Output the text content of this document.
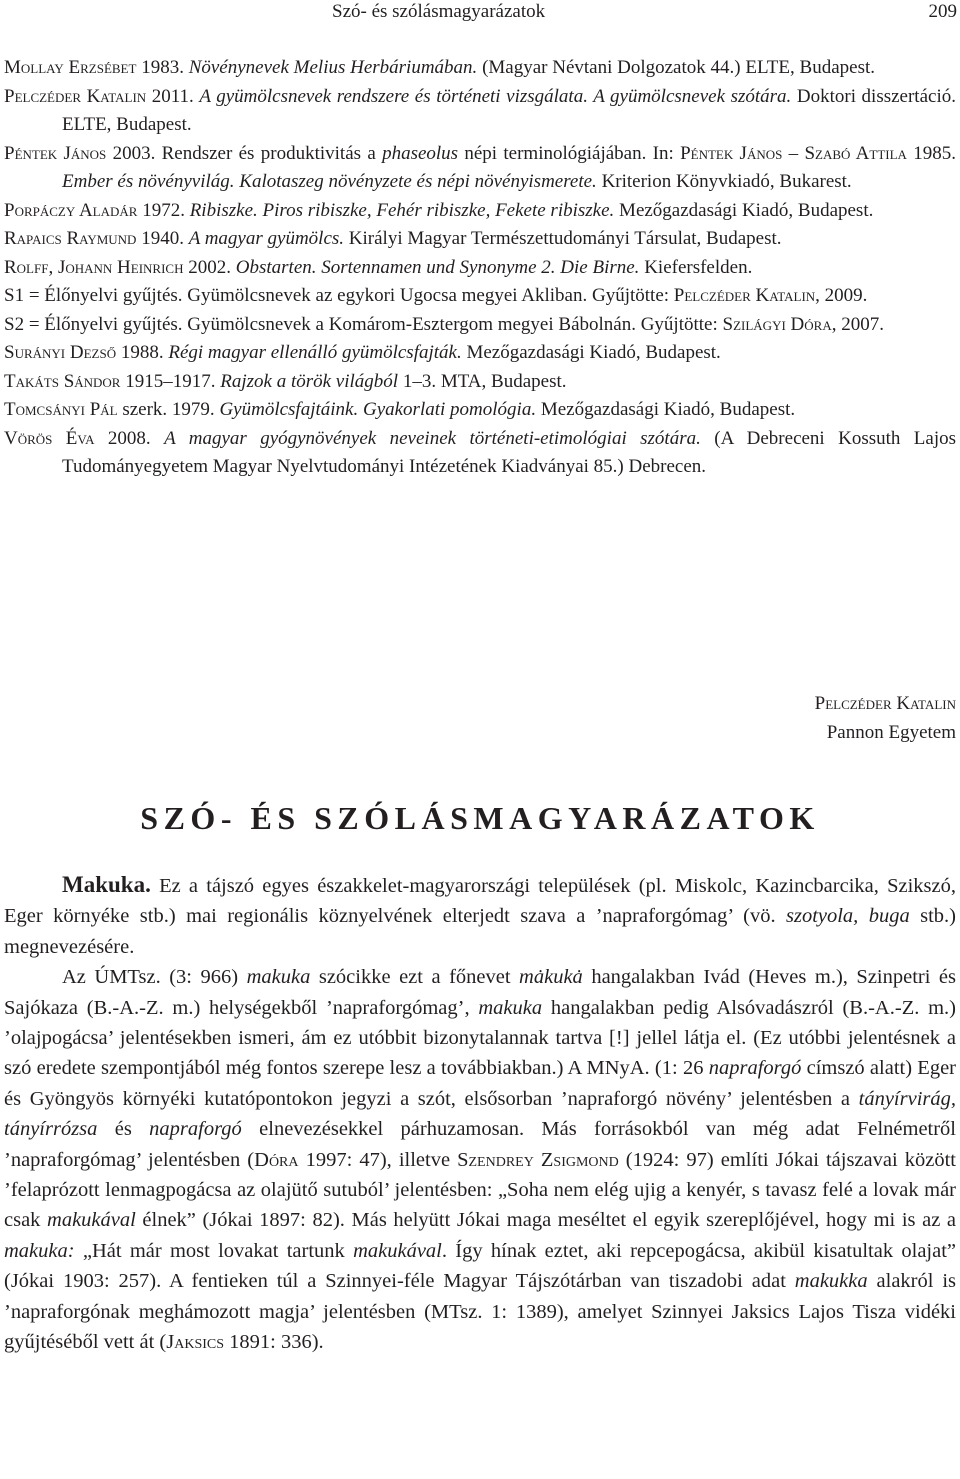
Szó- és szólásmagyarázatok	209

Mollay Erzsébet 1983. Növénynevek Melius Herbáriumában. (Magyar Névtani Dolgozatok 44.) ELTE, Budapest.

Pelczéder Katalin 2011. A gyümölcsnevek rendszere és történeti vizsgálata. A gyümölcsnevek szótára. Doktori disszertáció. ELTE, Budapest.

Péntek János 2003. Rendszer és produktivitás a phaseolus népi terminológiájában. In: Péntek János – Szabó Attila 1985. Ember és növényvilág. Kalotaszeg növényzete és népi növényismerete. Kriterion Könyvkiadó, Bukarest.

Porpáczy Aladár 1972. Ribiszke. Piros ribiszke, Fehér ribiszke, Fekete ribiszke. Mezőgazdasági Kiadó, Budapest.

Rapaics Raymund 1940. A magyar gyümölcs. Királyi Magyar Természettudományi Társulat, Budapest.

Rolff, Johann Heinrich 2002. Obstarten. Sortennamen und Synonyme 2. Die Birne. Kiefersfelden.

S1 = Élőnyelvi gyűjtés. Gyümölcsnevek az egykori Ugocsa megyei Akliban. Gyűjtötte: Pelczéder Katalin, 2009.

S2 = Élőnyelvi gyűjtés. Gyümölcsnevek a Komárom-Esztergom megyei Bábolnán. Gyűjtötte: Szilágyi Dóra, 2007.

Surányi Dezső 1988. Régi magyar ellenálló gyümölcsfajták. Mezőgazdasági Kiadó, Budapest.

Takáts Sándor 1915–1917. Rajzok a török világból 1–3. MTA, Budapest.

Tomcsányi Pál szerk. 1979. Gyümölcsfajtáink. Gyakorlati pomológia. Mezőgazdasági Kiadó, Budapest.

Vörös Éva 2008. A magyar gyógynövények neveinek történeti-etimológiai szótára. (A Debreceni Kossuth Lajos Tudományegyetem Magyar Nyelvtudományi Intézetének Kiadványai 85.) Debrecen.

Pelczéder Katalin
Pannon Egyetem
SZÓ- ÉS SZÓLÁSMAGYARÁZATOK

Makuka. Ez a tájszó egyes északkelet-magyarországi települések (pl. Miskolc, Kazincbarcika, Szikszó, Eger környéke stb.) mai regionális köznyelvének elterjedt szava a ’napraforgómag’ (vö. szotyola, buga stb.) megnevezésére.

Az ÚMTsz. (3: 966) makuka szócikke ezt a főnevet mȧkukȧ hangalakban Ivád (Heves m.), Szinpetri és Sajókaza (B.-A.-Z. m.) helységekből ’napraforgómag’, makuka hangalakban pedig Alsóvadászról (B.-A.-Z. m.) ’olajpogácsa’ jelentésekben ismeri, ám ez utóbbit bizonytalannak tartva [!] jellel látja el. (Ez utóbbi jelentésnek a szó eredete szempontjából még fontos szerepe lesz a továbbiakban.) A MNyA. (1: 26 napraforgó címszó alatt) Eger és Gyöngyös környéki kutatópontokon jegyzi a szót, elsősorban ’napraforgó növény’ jelentésben a tányírvirág, tányírrózsa és napraforgó elnevezésekkel párhuzamosan. Más forrásokból van még adat Felnémetről ’napraforgómag’ jelentésben (Dóra 1997: 47), illetve Szendrey Zsigmond (1924: 97) említi Jókai tájszavai között ’felaprózott lenmagpogácsa az olajütő sutuból’ jelentésben: „Soha nem elég ujig a kenyér, s tavasz felé a lovak már csak makukával élnek” (Jókai 1897: 82). Más helyütt Jókai maga meséltet el egyik szereplőjével, hogy mi is az a makuka: „Hát már most lovakat tartunk makukával. Így hínak eztet, aki repcepogácsa, akibül kisatultak olajat” (Jókai 1903: 257). A fentieken túl a Szinnyei-féle Magyar Tájszótárban van tiszadobi adat makukka alakról is ’napraforgónak meghámozott magja’ jelentésben (MTsz. 1: 1389), amelyet Szinnyei Jaksics Lajos Tisza vidéki gyűjtéséből vett át (Jaksics 1891: 336).
